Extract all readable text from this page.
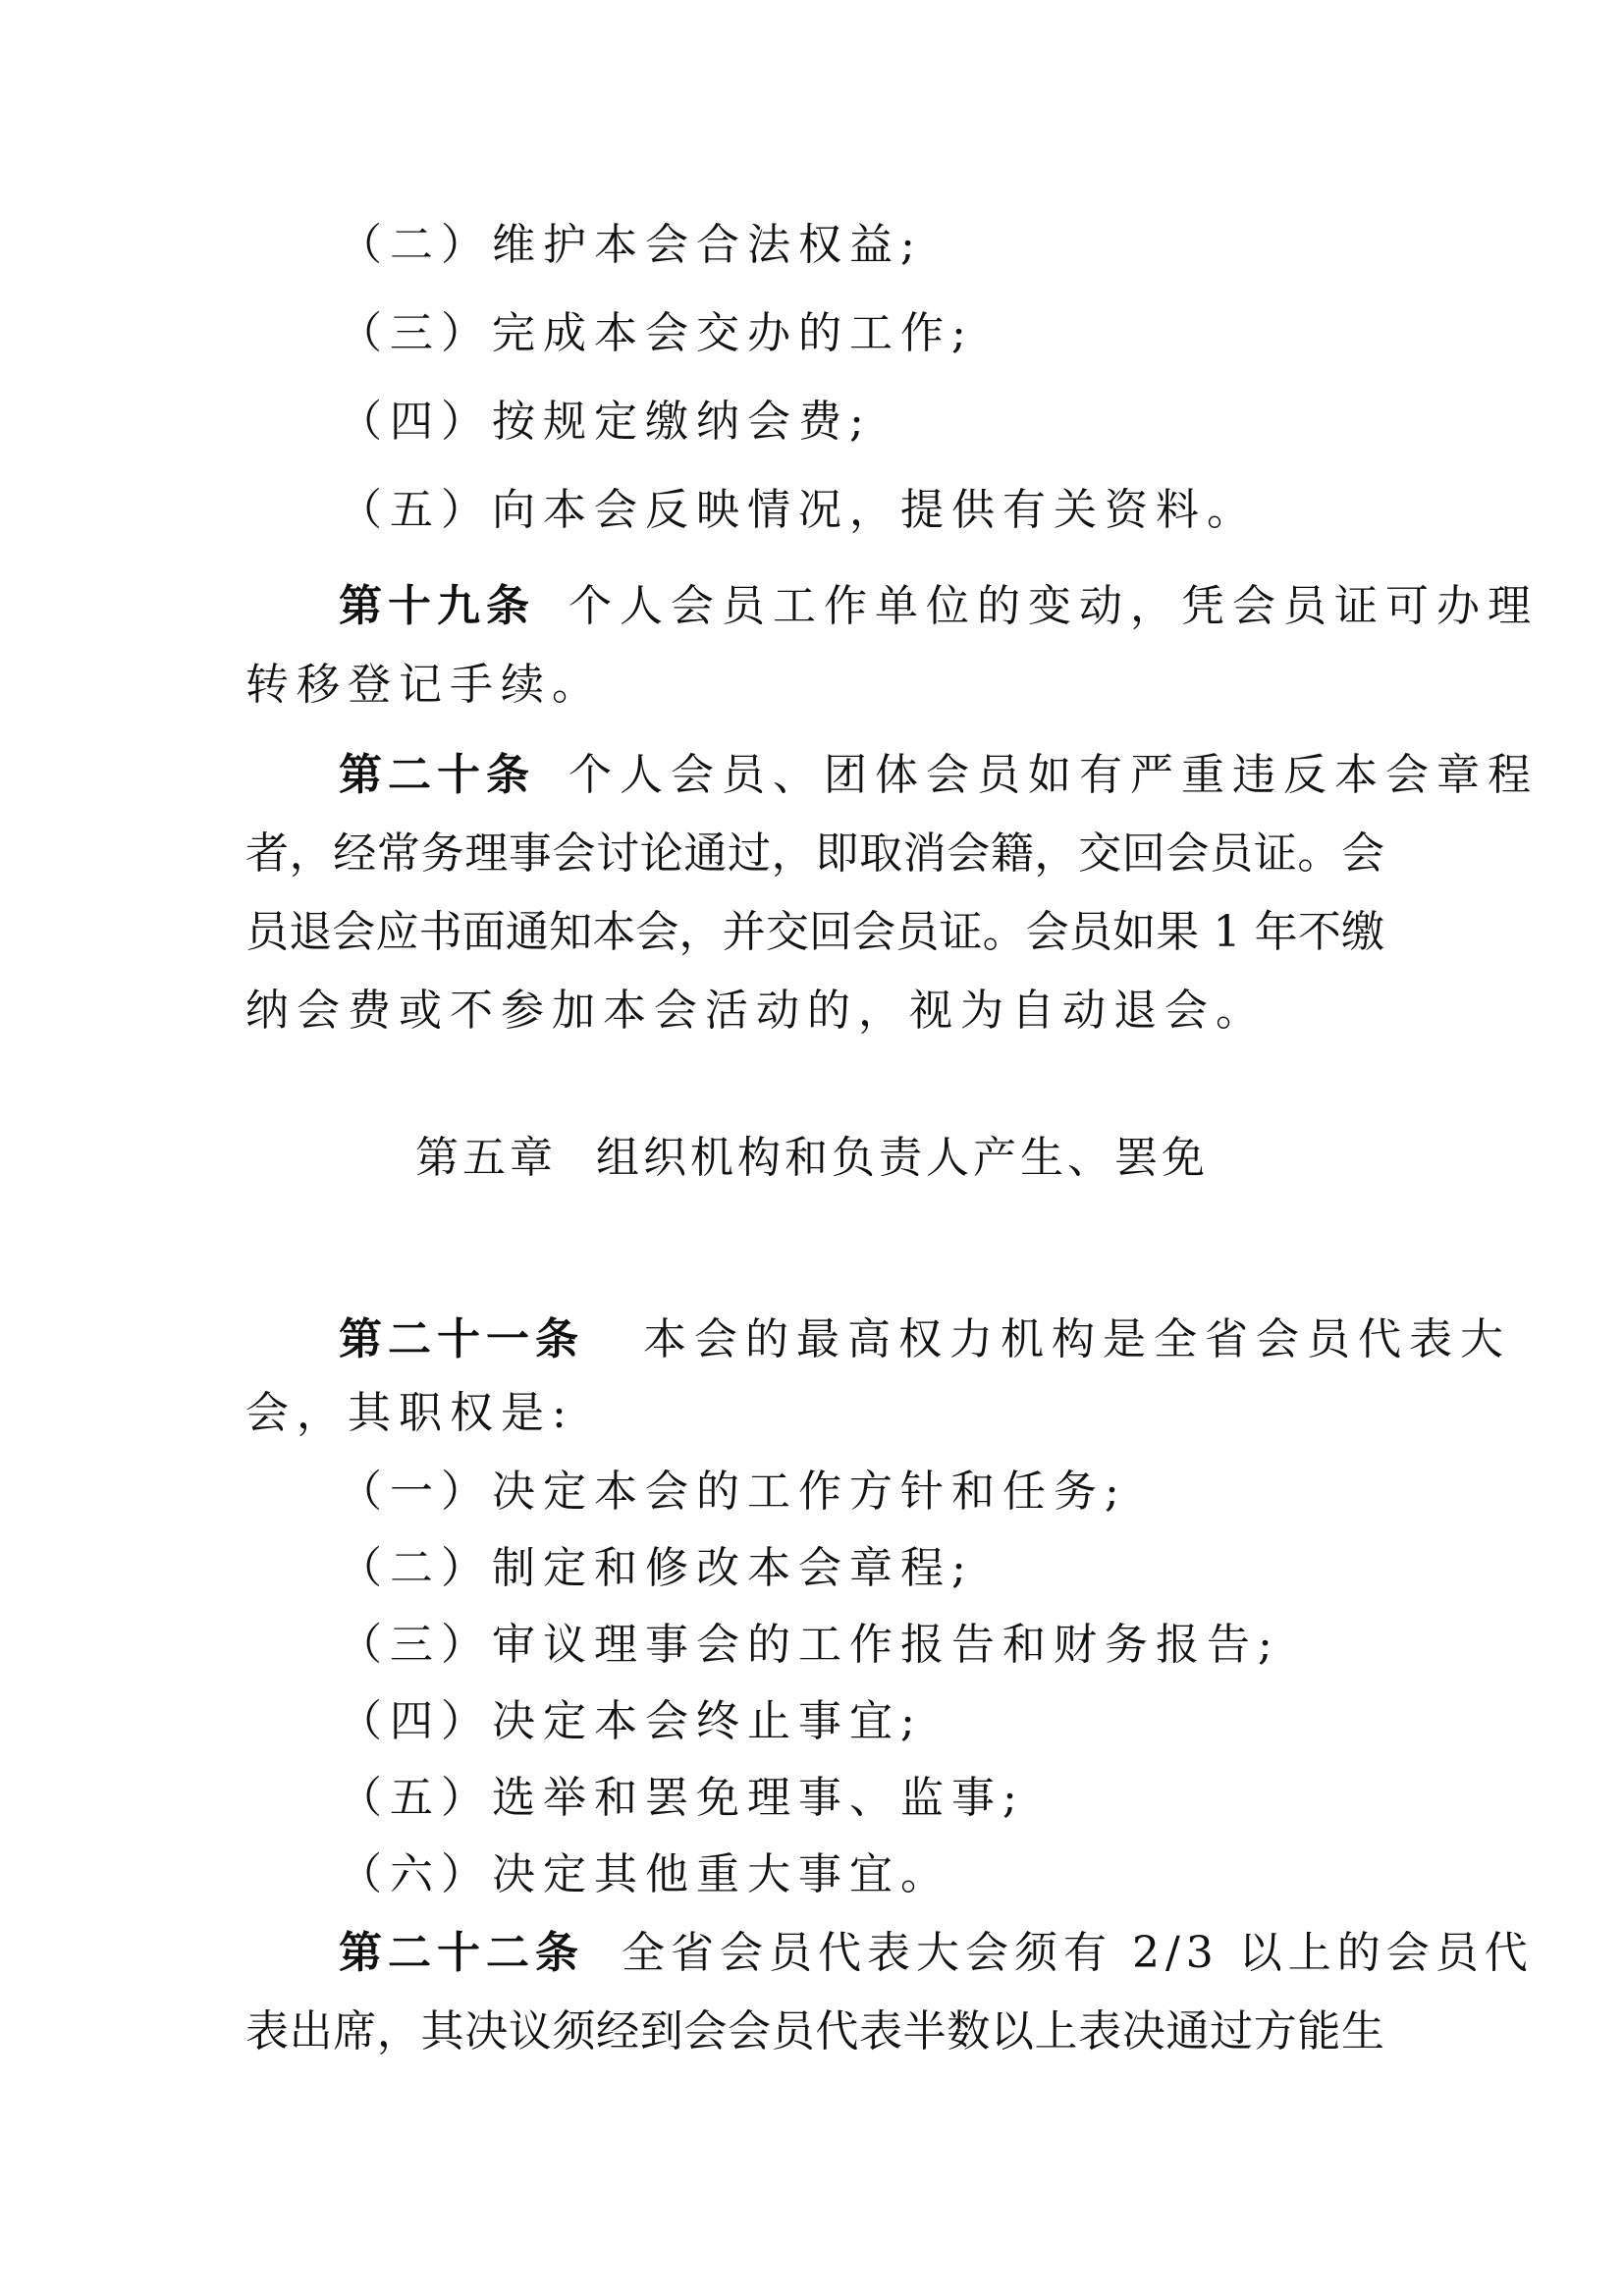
（二）维护本会合法权益;
（三）完成本会交办的工作;
（四）按规定缴纳会费;
（五）向本会反映情况，提供有关资料。
第十九条 个人会员工作单位的变动，凭会员证可办理
转移登记手续。
第二十条 个人会员、团体会员如有严重违反本会章程
者，经常务理事会讨论通过，即取消会籍，交回会员证。会
员退会应书面通知本会，并交回会员证。会员如果 1 年不缴
纳会费或不参加本会活动的，视为自动退会。
第五章 组织机构和负责人产生、罢免
第二十一条 本会的最高权力机构是全省会员代表大
会，其职权是:
（一）决定本会的工作方针和任务;
（二）制定和修改本会章程;
（三）审议理事会的工作报告和财务报告;
（四）决定本会终止事宜;
（五）选举和罢免理事、监事;
（六）决定其他重大事宜。
第二十二条 全省会员代表大会须有 2/3 以上的会员代
表出席，其决议须经到会会员代表半数以上表决通过方能生
